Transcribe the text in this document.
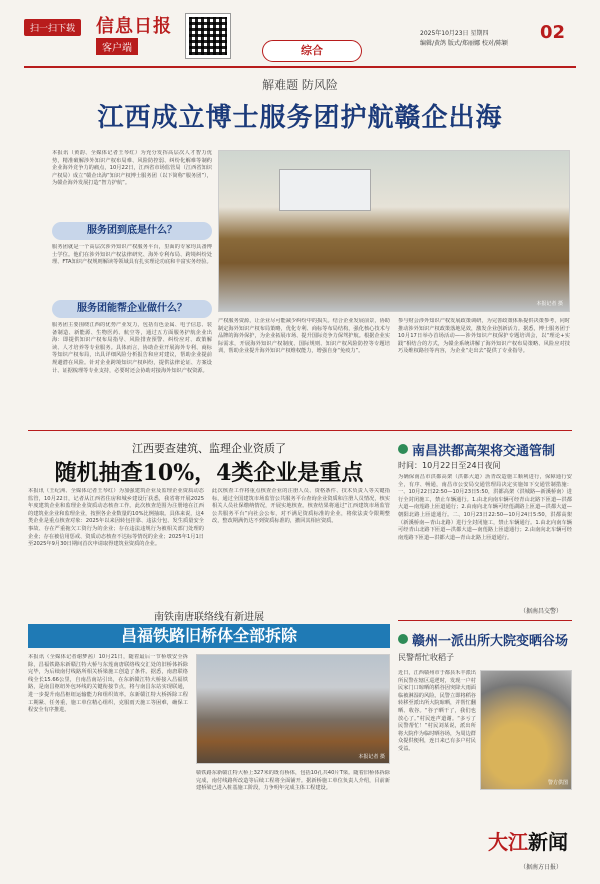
扫一扫下载	信息日报
客户端	综合
2025年10月23日 星期四
编辑/黄鸽 版式/郑丽娜 校对/陈颖
02
解难题 防风险
江西成立博士服务团护航赣企出海
本报讯（黄韵、全媒体记者王琴红）为充分发挥高层次人才智力优势，精准破解涉外知识产权布局难、风险防控弱、纠纷化解难等制约企业海外竞争力的痛点，10月22日，江西省市场监管局（江西省知识产权局）成立“赣企出海”知识产权博士服务团（以下简称“服务团”），为赣企海外发展打造“智力护航”。
服务团到底是什么？
服务团就是一个高层次涉外知识产权服务平台，里面的专家均具备博士学位。他们在涉外知识产权法律研究、海外专利布局、跨境纠纷处理、FTA知识产权规则解读等领域具有扎实理论功底和丰富实务经验。
服务团能帮企业做什么？
服务团主要围绕江西的优势产业发力，包括有色金属、电子信息、装备制造、新能源、生物医药、航空等，通过五方面服务护航企业出海：即提供知识产权布局指导、风险排查预警、纠纷应对、政策解读、人才培养等专业服务。具体而言，协助企业开展海外专利、商标等知识产权布局，出具详细风险分析报告和应对建议，帮助企业提前规避潜在风险。针对企业跨境知识产权纠纷，提供法律论证、方案设计、证据梳理等专业支持，必要时还会协助对接海外知识产权资源。
本报记者 摄
产权服务资源，让企业尽可能减少纠纷中的损失。结合企业发展前景，协助制定海外知识产权布局策略，优化专利、商标等布局结构，强化核心技术与品牌的海外保护，为企业拓展市场、提升国际竞争力保驾护航。根据企业实际需求，开展海外知识产权制度、国际规则、知识产权风险防控等专题培训，帮助企业提升海外知识产权维权能力，增强自身“免疫力”。
参与财会涉外知识产权发展政策调研，为完善政策体系提供决策参考，同时推动涉外知识产权政策落地见效，激发企业创新活力。据悉，博士服务团于10月17日举办首场活动——涉外知识产权保护专题培训会，以“理论+实践”相结合的方式，为赣企系统讲解了海外知识产权布局策略、风险应对技巧及维权路径等内容，为企业“走出去”提供了专业指导。
江西要查建筑、监理企业资质了
随机抽查10%，4类企业是重点
本报讯（王纪洲、全媒体记者王琴红）为加强建筑企业及监理企业资质动态监管，10月22日，记者从江西省住房和城乡建设厅获悉，我省将开展2025年度建筑企业和监理企业资质动态核查工作。此次核查范围为注册地在江西的建筑业企业和监理企业，按照各企业数量的10%比例抽取。具体来说，这4类企业是重点核查对象：2025年以来因转包挂靠、违法分包、发生质量安全事故、存在严重拖欠工资行为的企业；存在违法违规行为被相关部门处理的企业；存在被信用惩戒、资质动态核查不达标等情况的企业；2025年1月1日至2025年9月30日期间首次申请取得建筑业资质的企业。
此次核查工作将重点核查企业的注册人员、资格条件、技术负责人等关键指标，通过全国建筑市场监管公共服务平台查询企业资质和注册人员情况，核实相关人员社保缴纳情况，开展实地核查。核查结果将通过“江西建筑市场监管公共服务平台”向社会公布，对不满足资质标准的企业，将依法责令限期整改，整改期满仍达不到资质标准的，撤回其相应资质。
南昌洪都高架将交通管制
时间：10月22日至24日夜间
为确保南昌市洪都高架（洪都大道）沥青改造施工顺利进行，保障通行安全，有序、畅通，南昌市公安局交通管理局决定实施如下交通管制措施：一、10月22日22:50—10月23日5:50，洪都高架（洪城路—新溪桥南）进行全封闭施工，禁止车辆通行。1.由北向南车辆可经青山北路下匝道—洪都大道—南莲路上匝道通行；2.由南向北车辆可经莲湖路上匝道—洪都大道—朝阳北路上匝道通行。二、10月23日22:50—10月24日5:50，洪都高架（新溪桥南—青山北路）进行全封闭施工，禁止车辆通行。1.由北向南车辆可经青山北路下匝道—洪都大道—南莲路上匝道通行；2.由南向北车辆可经南莲路下匝道—洪都大道—青山北路上匝道通行。
（据南昌交警）
南铁南唐联络线有新进展
昌福铁路旧桥体全部拆除
本报讯（全媒体记者谢梦茜）10月21日，随着最后一节桥墩安全拆除，昌福铁路东新赣江特大桥与东莲南唐联络线交汇处的旧桥体拆除完毕，为后续南付线路所相关桥梁施工创造了条件。据悉，南唐联络线全长15.66公里，自南昌南站引出，在东新赣江特大桥接入昌福铁路，是南昌枢纽外包环线的关键衔接节点，将与南昌东站实现联通，进一步提升南昌枢纽运输能力和组织效率。东新赣江特大桥拆除工程工期紧、任务重，施工单位精心组织，克服雨天施工等困难，确保工程安全有序推进。
本报记者 摄
赣铁路东新赣江特大桥上327米的既有桥体，包括10孔共40片T梁。随着旧桥体拆除完成，南付线路所改造等后续工程将全面铺开。据新桥施工单位负责人介绍，目前新建桥梁已进入桩基施工阶段，力争明年完成主体工程建设。
赣州一派出所大院变晒谷场
民警帮忙收稻子
近日，江西赣州市于都县禾丰派出所民警在辖区巡逻时，发现一户村民家门口晾晒的稻谷因突降大雨面临被淋湿的风险。民警立即将稻谷转移至派出所大院晾晒，并帮忙翻晒、收谷。“谷子晒干了，我们也放心了。”村民连声道谢。“多亏了民警帮忙！”村民刘某说，派出所将大院作为临时晒谷场，为周边群众提供便利，连日来已有多户村民受益。
警方供图
（据南方日报）
大江新闻
